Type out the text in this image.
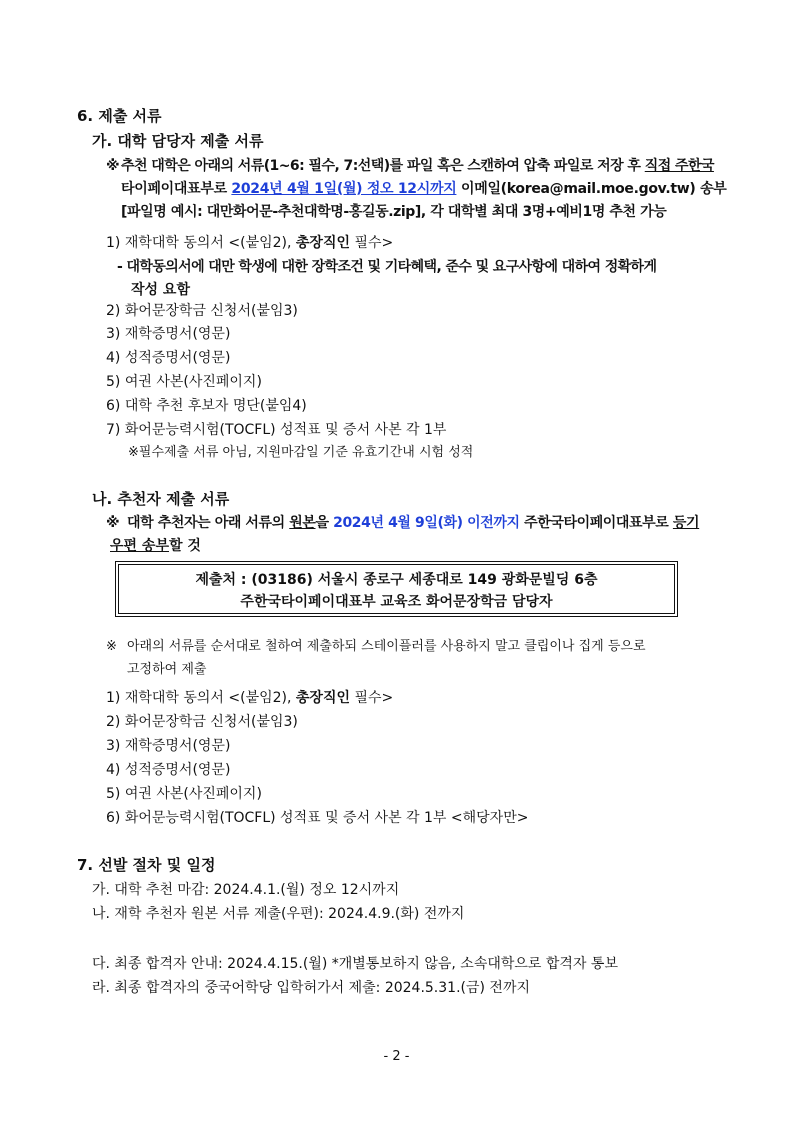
6. 제출 서류
가. 대학 담당자 제출 서류
※ 추천 대학은 아래의 서류(1~6: 필수, 7:선택)를 파일 혹은 스캔하여 압축 파일로 저장 후 직접 주한국
타이페이대표부로 2024년 4월 1일(월) 정오 12시까지 이메일(korea@mail.moe.gov.tw) 송부
[파일명 예시: 대만화어문-추천대학명-홍길동.zip], 각 대학별 최대 3명+예비1명 추천 가능
1) 재학대학 동의서 <(붙임2), 총장직인 필수>
- 대학동의서에 대만 학생에 대한 장학조건 및 기타혜택, 준수 및 요구사항에 대하여 정확하게
작성 요함
2) 화어문장학금 신청서(붙임3)
3) 재학증명서(영문)
4) 성적증명서(영문)
5) 여권 사본(사진페이지)
6) 대학 추천 후보자 명단(붙임4)
7) 화어문능력시험(TOCFL) 성적표 및 증서 사본 각 1부
※필수제출 서류 아님, 지원마감일 기준 유효기간내 시험 성적
나. 추천자 제출 서류
※ 대학 추천자는 아래 서류의 원본을 2024년 4월 9일(화) 이전까지 주한국타이페이대표부로 등기
우편 송부할 것
제출처 : (03186) 서울시 종로구 세종대로 149 광화문빌딩 6층
주한국타이페이대표부 교육조 화어문장학금 담당자
※ 아래의 서류를 순서대로 철하여 제출하되 스테이플러를 사용하지 말고 클립이나 집게 등으로
고정하여 제출
1) 재학대학 동의서 <(붙임2), 총장직인 필수>
2) 화어문장학금 신청서(붙임3)
3) 재학증명서(영문)
4) 성적증명서(영문)
5) 여권 사본(사진페이지)
6) 화어문능력시험(TOCFL) 성적표 및 증서 사본 각 1부 <해당자만>
7. 선발 절차 및 일정
가. 대학 추천 마감: 2024.4.1.(월) 정오 12시까지
나. 재학 추천자 원본 서류 제출(우편): 2024.4.9.(화) 전까지
다. 최종 합격자 안내: 2024.4.15.(월) *개별통보하지 않음, 소속대학으로 합격자 통보
라. 최종 합격자의 중국어학당 입학허가서 제출: 2024.5.31.(금) 전까지
- 2 -
